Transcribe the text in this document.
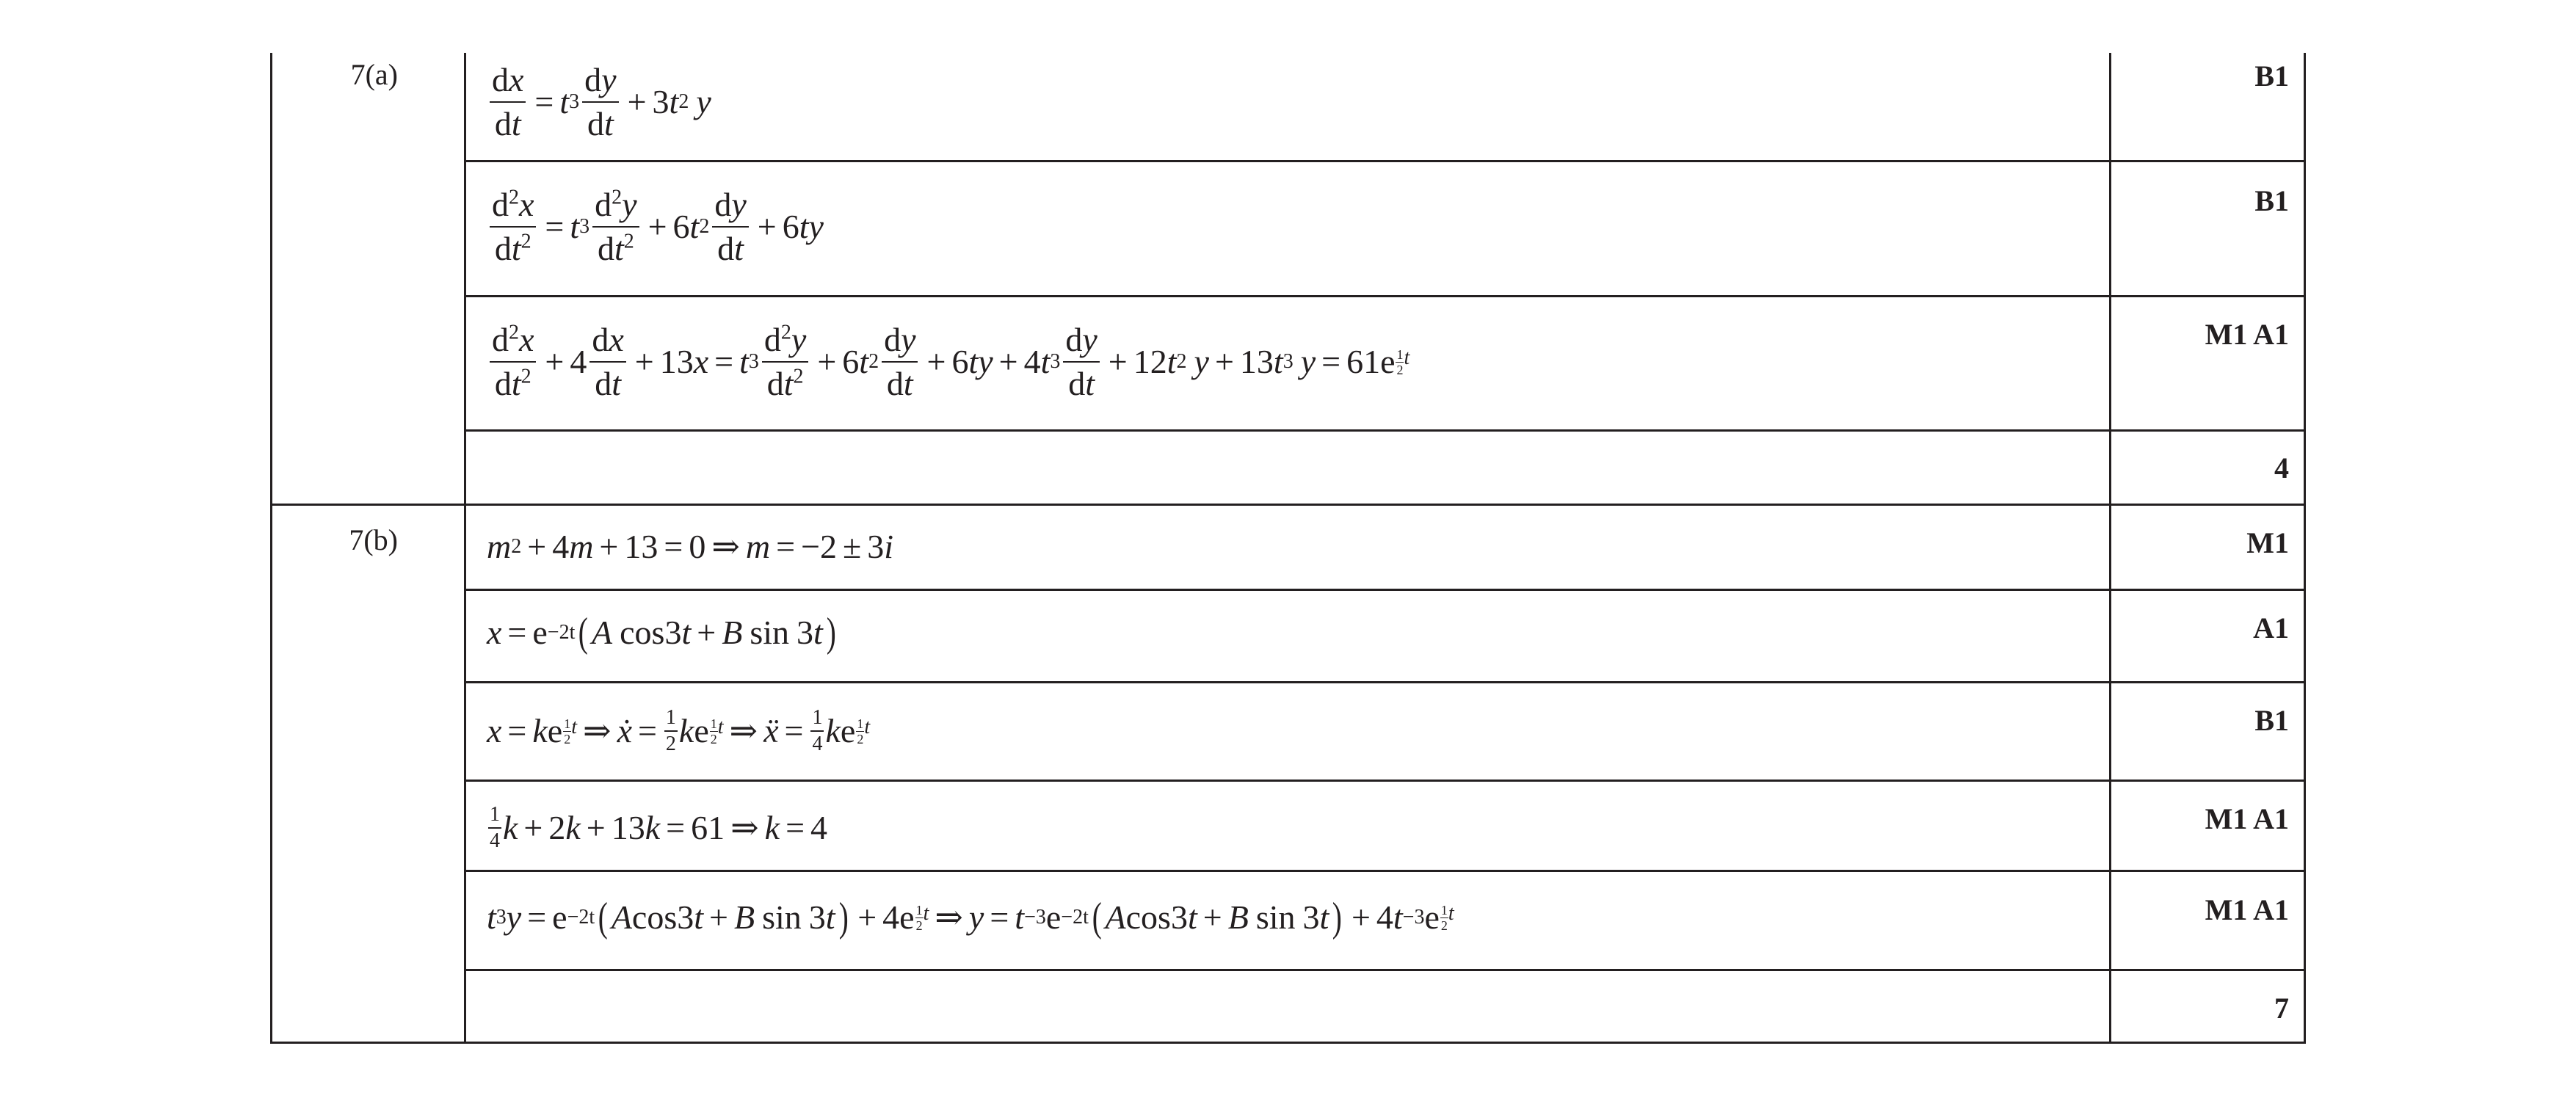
7(a)
7(b)
B1
B1
M1 A1
4
M1
A1
B1
M1 A1
M1 A1
7
$\frac{dx}{dt} = t$ $3 \frac{dy}{dt} + 3$ t 2 y
$\frac{d^2x}{dt^2} = t$ $3 \frac{d^2y}{dt^2} + 6$ t $2 \frac{dy}{dt} + 6$ t y
$\frac{d^2x}{dt^2} + 4 \frac{dx}{dt} + 13$ x = t $3 \frac{d^2y}{dt^2} + 6$ t $2 \frac{dy}{dt} + 6$ t y + 4 t $3 \frac{dy}{dt} + 12$ t 2 y + 13 t 3 y = 61 e 1
2
t
m 2 + 4 m + 13 = 0 ⇒ m = −2 ± 3 i
x = e −2t ( A cos 3 t + B sin 3 t )
x = k e 1
2
t ⇒ ẋ = $\frac{1}{2}$ k e 1
2
t ⇒ ẍ = $\frac{1}{4}$ k e 1
2
t
$\frac{1}{4}$ k + 2 k + 13 k = 61 ⇒ k = 4
t 3 y = e −2t ( A cos 3 t + B sin 3 t ) + 4 e 1
2
t ⇒ y = t −3 e −2t ( A cos 3 t + B sin 3 t ) + 4 t −3 e 1
2
t
